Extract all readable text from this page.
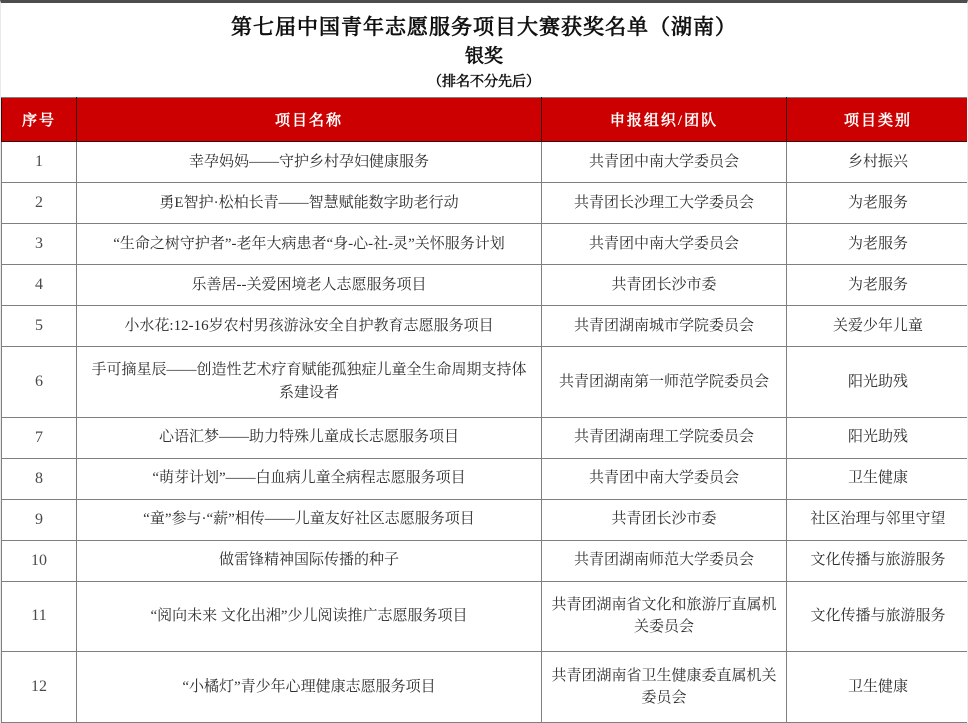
第七届中国青年志愿服务项目大赛获奖名单（湖南）
银奖
（排名不分先后）
序号	项目名称	申报组织/团队	项目类别
1	幸孕妈妈——守护乡村孕妇健康服务	共青团中南大学委员会	乡村振兴
2	勇E智护·松柏长青——智慧赋能数字助老行动	共青团长沙理工大学委员会	为老服务
3	“生命之树守护者”-老年大病患者“身-心-社-灵”关怀服务计划	共青团中南大学委员会	为老服务
4	乐善居--关爱困境老人志愿服务项目	共青团长沙市委	为老服务
5	小水花:12-16岁农村男孩游泳安全自护教育志愿服务项目	共青团湖南城市学院委员会	关爱少年儿童
6	手可摘星辰——创造性艺术疗育赋能孤独症儿童全生命周期支持体系建设者	共青团湖南第一师范学院委员会	阳光助残
7	心语汇梦——助力特殊儿童成长志愿服务项目	共青团湖南理工学院委员会	阳光助残
8	“萌芽计划”——白血病儿童全病程志愿服务项目	共青团中南大学委员会	卫生健康
9	“童”参与·“薪”相传——儿童友好社区志愿服务项目	共青团长沙市委	社区治理与邻里守望
10	做雷锋精神国际传播的种子	共青团湖南师范大学委员会	文化传播与旅游服务
11	“阅向未来 文化出湘”少儿阅读推广志愿服务项目	共青团湖南省文化和旅游厅直属机关委员会	文化传播与旅游服务
12	“小橘灯”青少年心理健康志愿服务项目	共青团湖南省卫生健康委直属机关委员会	卫生健康
